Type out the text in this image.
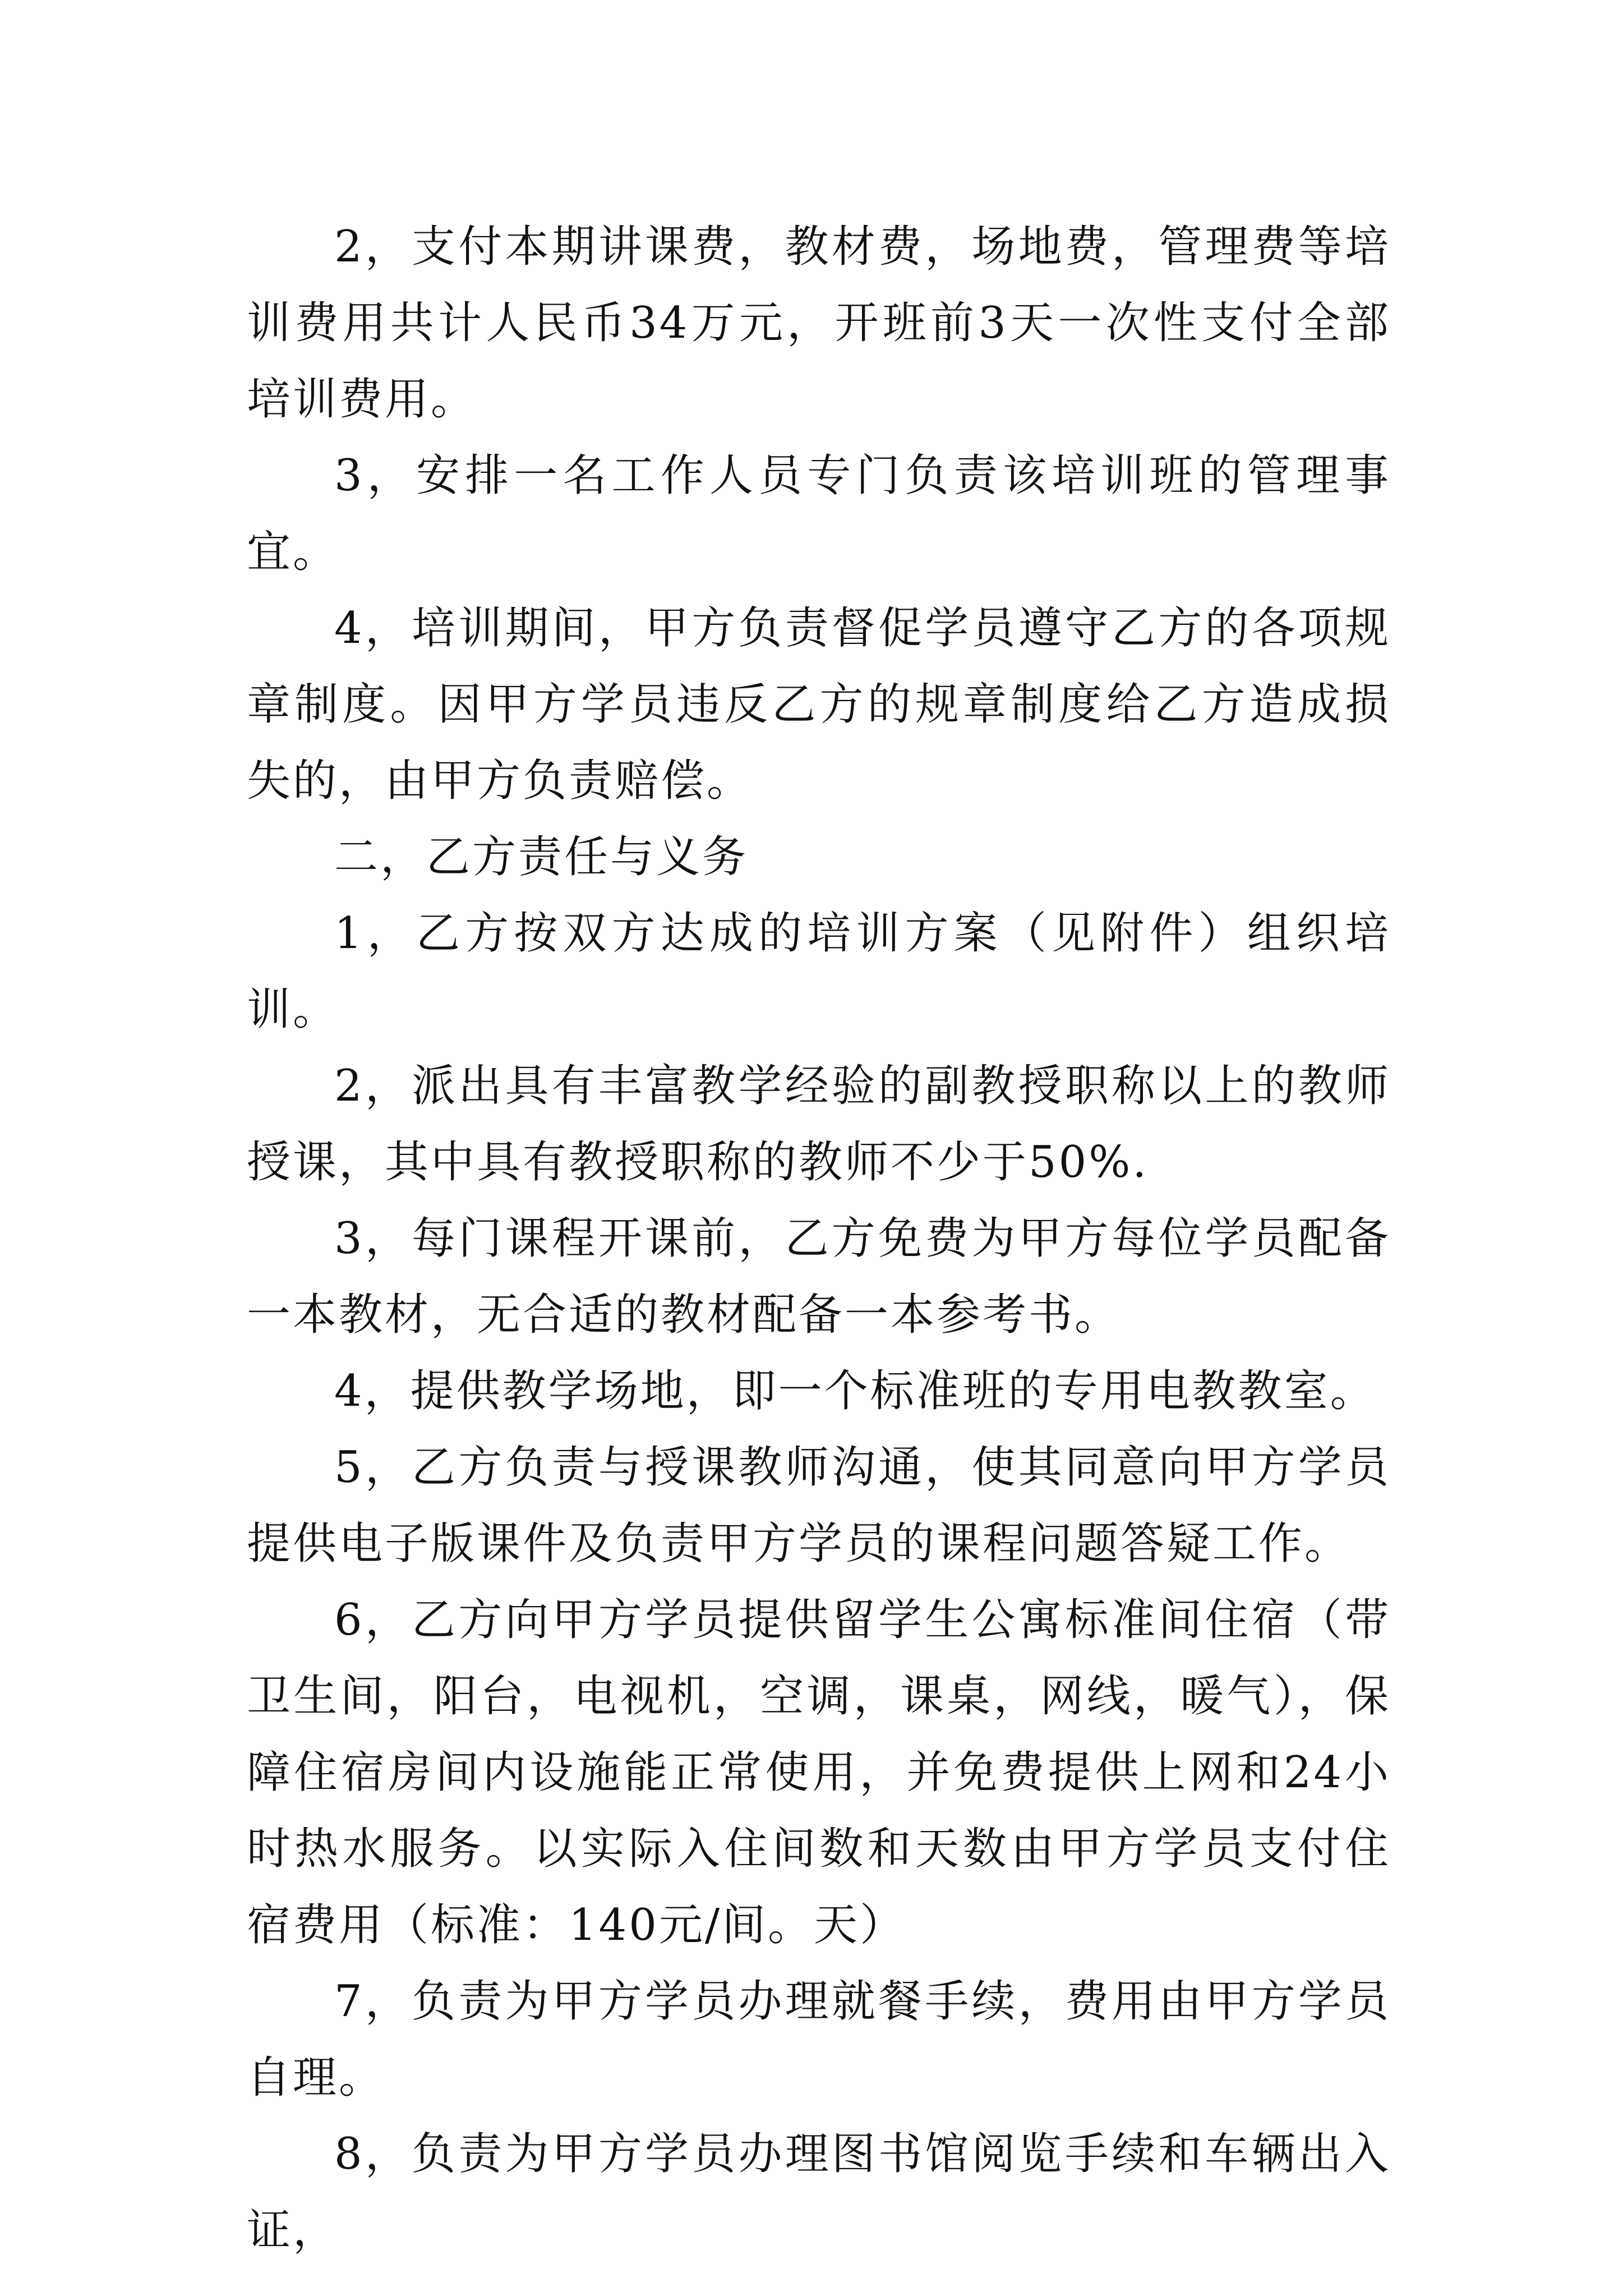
2，支付本期讲课费，教材费，场地费，管理费等培训费用共计人民币34万元，开班前3天一次性支付全部培训费用。

3，安排一名工作人员专门负责该培训班的管理事宜。

4，培训期间，甲方负责督促学员遵守乙方的各项规章制度。因甲方学员违反乙方的规章制度给乙方造成损失的，由甲方负责赔偿。

二，乙方责任与义务

1，乙方按双方达成的培训方案（见附件）组织培训。

2，派出具有丰富教学经验的副教授职称以上的教师授课，其中具有教授职称的教师不少于50%.

3，每门课程开课前，乙方免费为甲方每位学员配备一本教材，无合适的教材配备一本参考书。

4，提供教学场地，即一个标准班的专用电教教室。

5，乙方负责与授课教师沟通，使其同意向甲方学员提供电子版课件及负责甲方学员的课程问题答疑工作。

6，乙方向甲方学员提供留学生公寓标准间住宿（带卫生间，阳台，电视机，空调，课桌，网线，暖气），保障住宿房间内设施能正常使用，并免费提供上网和24小时热水服务。以实际入住间数和天数由甲方学员支付住宿费用（标准：140元/间。天）

7，负责为甲方学员办理就餐手续，费用由甲方学员自理。

8，负责为甲方学员办理图书馆阅览手续和车辆出入证，
